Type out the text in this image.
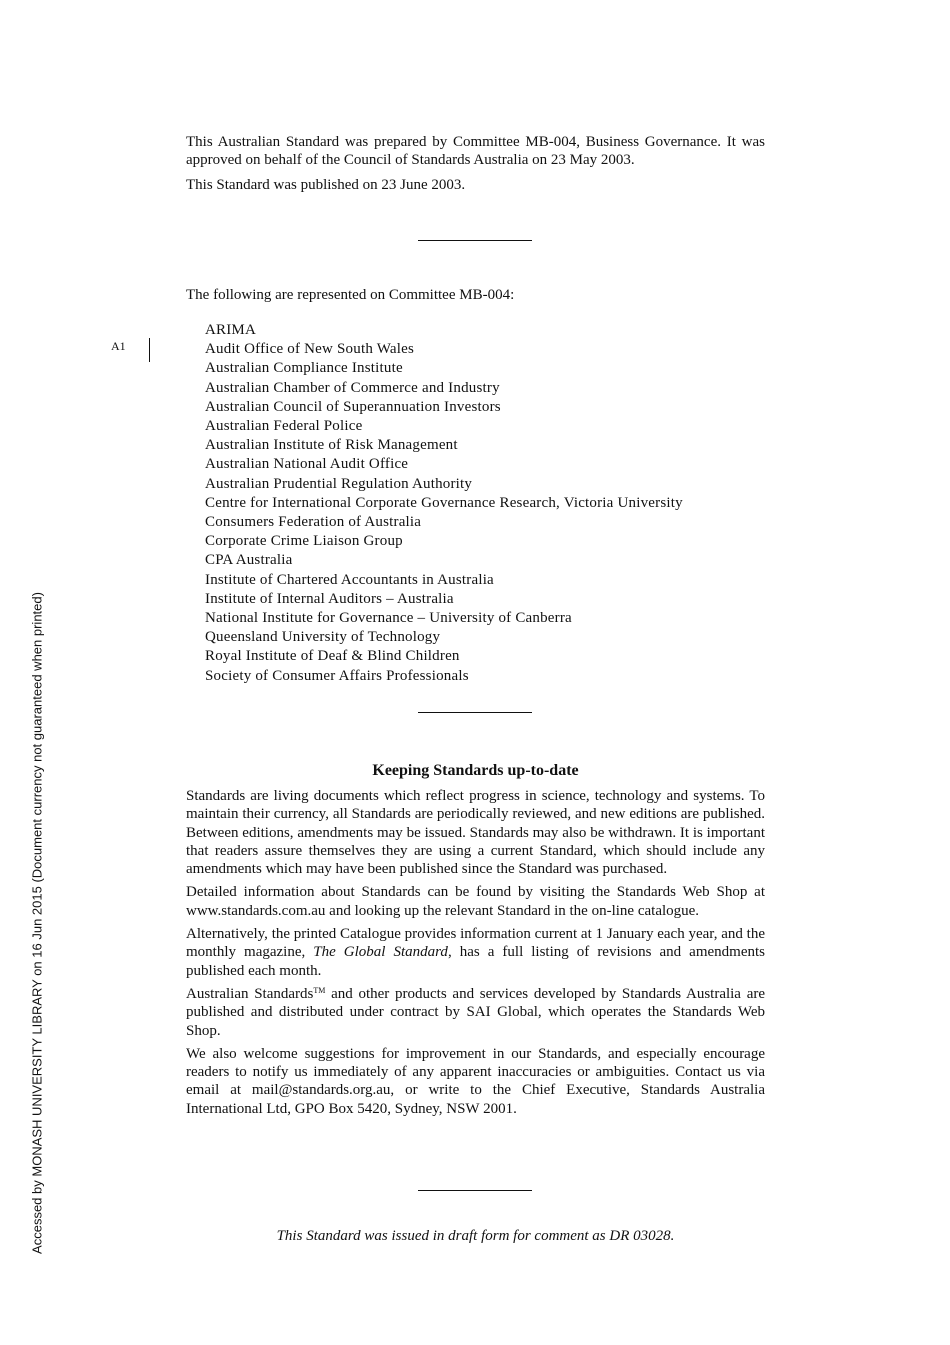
This Australian Standard was prepared by Committee MB-004, Business Governance. It was approved on behalf of the Council of Standards Australia on 23 May 2003.

This Standard was published on 23 June 2003.

The following are represented on Committee MB-004:
A1
ARIMA
Audit Office of New South Wales
Australian Compliance Institute
Australian Chamber of Commerce and Industry
Australian Council of Superannuation Investors
Australian Federal Police
Australian Institute of Risk Management
Australian National Audit Office
Australian Prudential Regulation Authority
Centre for International Corporate Governance Research, Victoria University
Consumers Federation of Australia
Corporate Crime Liaison Group
CPA Australia
Institute of Chartered Accountants in Australia
Institute of Internal Auditors – Australia
National Institute for Governance – University of Canberra
Queensland University of Technology
Royal Institute of Deaf & Blind Children
Society of Consumer Affairs Professionals
Keeping Standards up-to-date

Standards are living documents which reflect progress in science, technology and systems. To maintain their currency, all Standards are periodically reviewed, and new editions are published. Between editions, amendments may be issued. Standards may also be withdrawn. It is important that readers assure themselves they are using a current Standard, which should include any amendments which may have been published since the Standard was purchased.

Detailed information about Standards can be found by visiting the Standards Web Shop at www.standards.com.au and looking up the relevant Standard in the on-line catalogue.

Alternatively, the printed Catalogue provides information current at 1 January each year, and the monthly magazine, The Global Standard, has a full listing of revisions and amendments published each month.

Australian Standards™ and other products and services developed by Standards Australia are published and distributed under contract by SAI Global, which operates the Standards Web Shop.

We also welcome suggestions for improvement in our Standards, and especially encourage readers to notify us immediately of any apparent inaccuracies or ambiguities. Contact us via email at mail@standards.org.au, or write to the Chief Executive, Standards Australia International Ltd, GPO Box 5420, Sydney, NSW 2001.

This Standard was issued in draft form for comment as DR 03028.
Accessed by MONASH UNIVERSITY LIBRARY on 16 Jun 2015 (Document currency not guaranteed when printed)
